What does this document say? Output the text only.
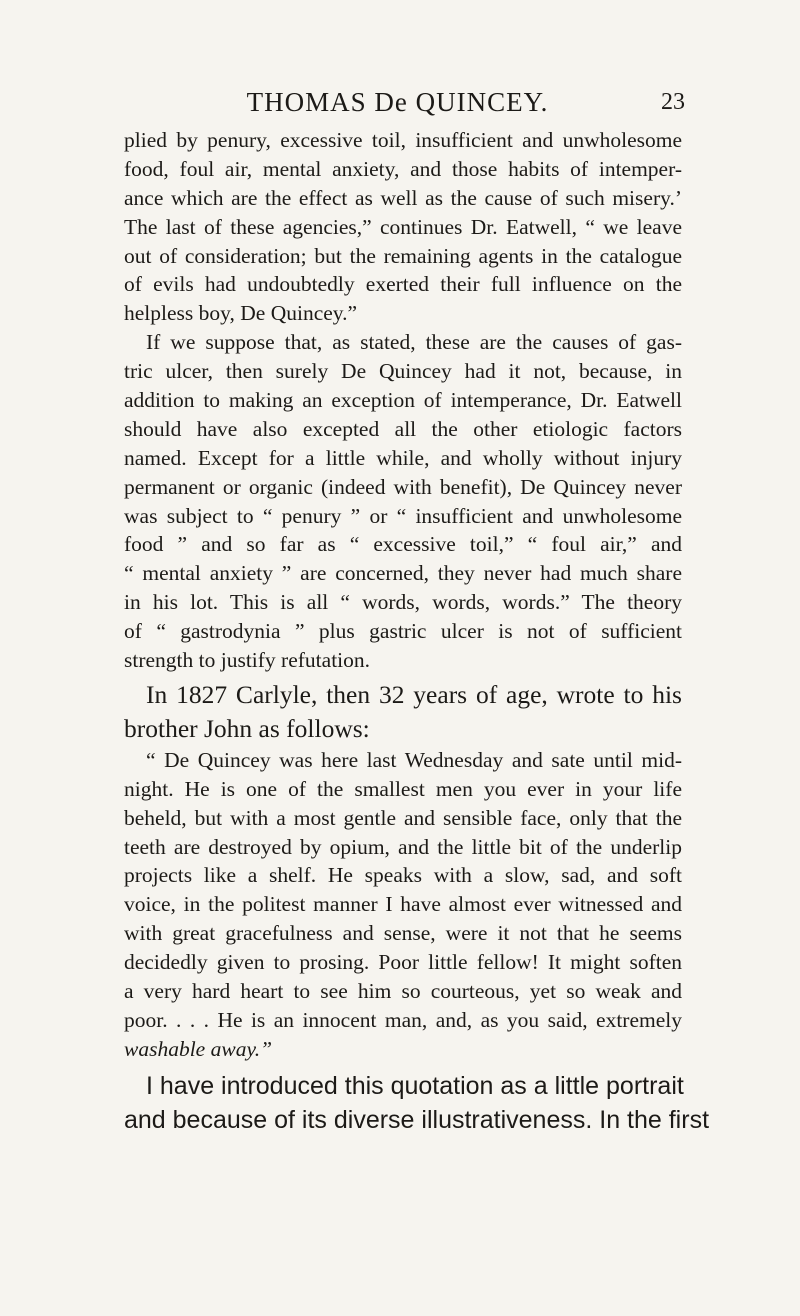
THOMAS De QUINCEY.	23
plied by penury, excessive toil, insufficient and unwholesome
food, foul air, mental anxiety, and those habits of intemper-
ance which are the effect as well as the cause of such misery.’
The last of these agencies,” continues Dr. Eatwell, “ we leave
out of consideration; but the remaining agents in the catalogue
of evils had undoubtedly exerted their full influence on the
helpless boy, De Quincey.”
If we suppose that, as stated, these are the causes of gas-
tric ulcer, then surely De Quincey had it not, because, in
addition to making an exception of intemperance, Dr. Eatwell
should have also excepted all the other etiologic factors
named. Except for a little while, and wholly without injury
permanent or organic (indeed with benefit), De Quincey never
was subject to “ penury ” or “ insufficient and unwholesome
food ” and so far as “ excessive toil,” “ foul air,” and
“ mental anxiety ” are concerned, they never had much share
in his lot. This is all “ words, words, words.” The theory
of “ gastrodynia ” plus gastric ulcer is not of sufficient
strength to justify refutation.
In 1827 Carlyle, then 32 years of age, wrote to his
brother John as follows:
“ De Quincey was here last Wednesday and sate until mid-
night. He is one of the smallest men you ever in your life
beheld, but with a most gentle and sensible face, only that the
teeth are destroyed by opium, and the little bit of the underlip
projects like a shelf. He speaks with a slow, sad, and soft
voice, in the politest manner I have almost ever witnessed and
with great gracefulness and sense, were it not that he seems
decidedly given to prosing. Poor little fellow! It might soften
a very hard heart to see him so courteous, yet so weak and
poor. . . . He is an innocent man, and, as you said, extremely
washable away.”
I have introduced this quotation as a little portrait
and because of its diverse illustrativeness. In the first
